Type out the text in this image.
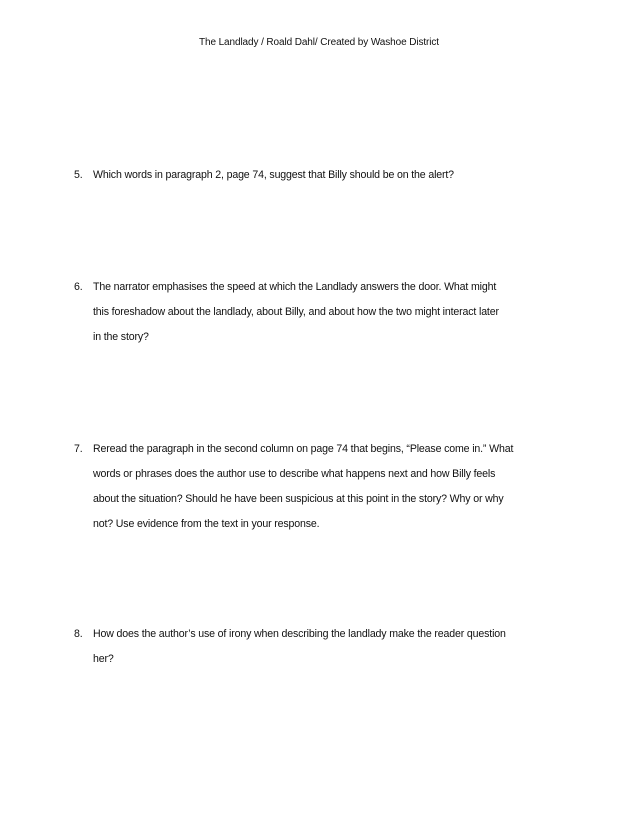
The Landlady / Roald Dahl/ Created by Washoe District
5. Which words in paragraph 2, page 74, suggest that Billy should be on the alert?
6. The narrator emphasises the speed at which the Landlady answers the door. What might
this foreshadow about the landlady, about Billy, and about how the two might interact later
in the story?
7. Reread the paragraph in the second column on page 74 that begins, “Please come in.” What
words or phrases does the author use to describe what happens next and how Billy feels
about the situation? Should he have been suspicious at this point in the story? Why or why
not? Use evidence from the text in your response.
8. How does the author’s use of irony when describing the landlady make the reader question
her?
